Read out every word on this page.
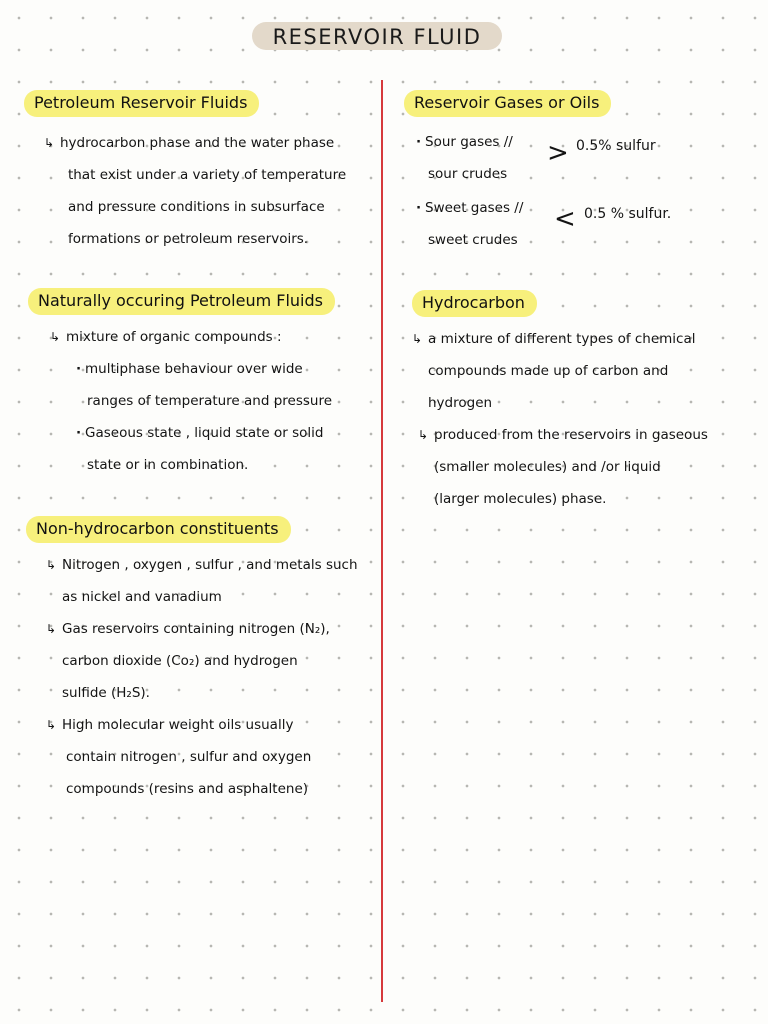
RESERVOIR FLUID
Petroleum Reservoir Fluids
↳ hydrocarbon phase and the water phase
that exist under a variety of temperature
and pressure conditions in subsurface
formations or petroleum reservoirs.
Naturally occuring Petroleum Fluids
↳ mixture of organic compounds :
· multiphase behaviour over wide
ranges of temperature and pressure
· Gaseous state , liquid state or solid
state or in combination.
Non-hydrocarbon constituents
↳ Nitrogen , oxygen , sulfur , and metals such
as nickel and vanadium
↳ Gas reservoirs containing nitrogen (N₂),
carbon dioxide (Co₂) and hydrogen
sulfide (H₂S).
↳ High molecular weight oils usually
contain nitrogen , sulfur and oxygen
compounds (resins and asphaltene)
Reservoir Gases or Oils
· Sour gases //
sour crudes
> 0.5% sulfur
· Sweet gases //
sweet crudes
< 0.5 % sulfur.
Hydrocarbon
↳ a mixture of different types of chemical
compounds made up of carbon and
hydrogen
↳ produced from the reservoirs in gaseous
(smaller molecules) and /or liquid
(larger molecules) phase.
